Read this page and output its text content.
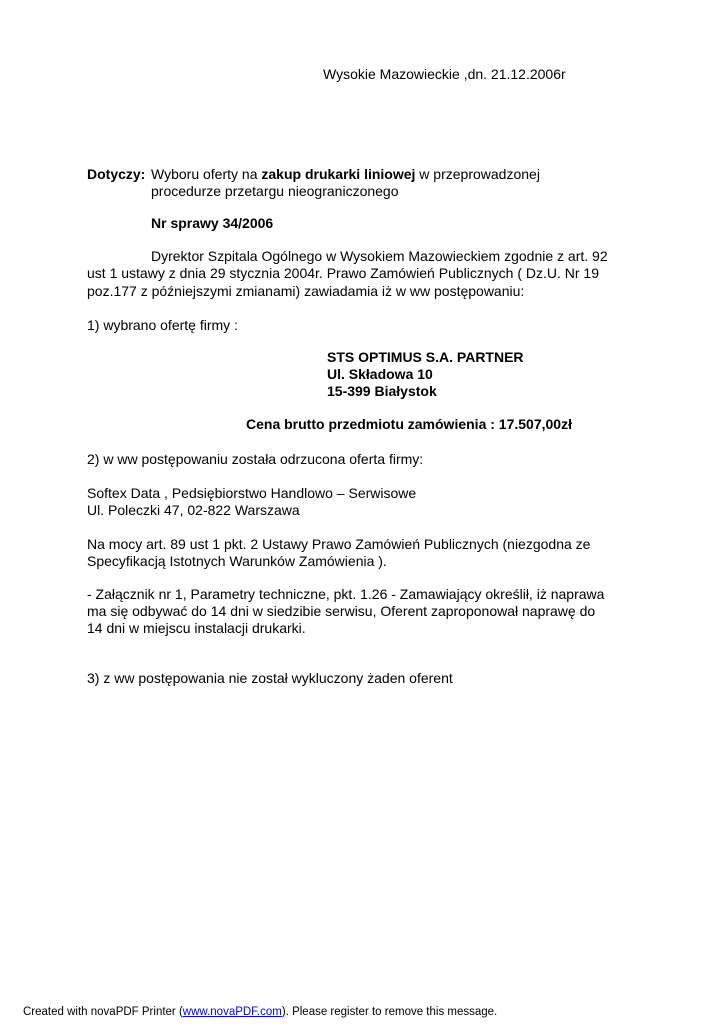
Wysokie Mazowieckie ,dn. 21.12.2006r
Dotyczy: Wyboru oferty na zakup drukarki liniowej w przeprowadzonej
procedurze przetargu nieograniczonego
Nr sprawy 34/2006
Dyrektor Szpitala Ogólnego w Wysokiem Mazowieckiem zgodnie z art. 92
ust 1 ustawy z dnia 29 stycznia 2004r. Prawo Zamówień Publicznych ( Dz.U. Nr 19
poz.177 z późniejszymi zmianami) zawiadamia iż w ww postępowaniu:
1) wybrano ofertę firmy :
STS OPTIMUS S.A. PARTNER
Ul. Składowa 10
15-399 Białystok
Cena brutto przedmiotu zamówienia : 17.507,00zł
2) w ww postępowaniu została odrzucona oferta firmy:
Softex Data , Pedsiębiorstwo Handlowo – Serwisowe
Ul. Poleczki 47, 02-822 Warszawa
Na mocy art. 89 ust 1 pkt. 2 Ustawy Prawo Zamówień Publicznych (niezgodna ze
Specyfikacją Istotnych Warunków Zamówienia ).
- Załącznik nr 1, Parametry techniczne, pkt. 1.26 - Zamawiający określił, iż naprawa
ma się odbywać do 14 dni w siedzibie serwisu, Oferent zaproponował naprawę do
14 dni w miejscu instalacji drukarki.
3) z ww postępowania nie został wykluczony żaden oferent
Created with novaPDF Printer (www.novaPDF.com). Please register to remove this message.
